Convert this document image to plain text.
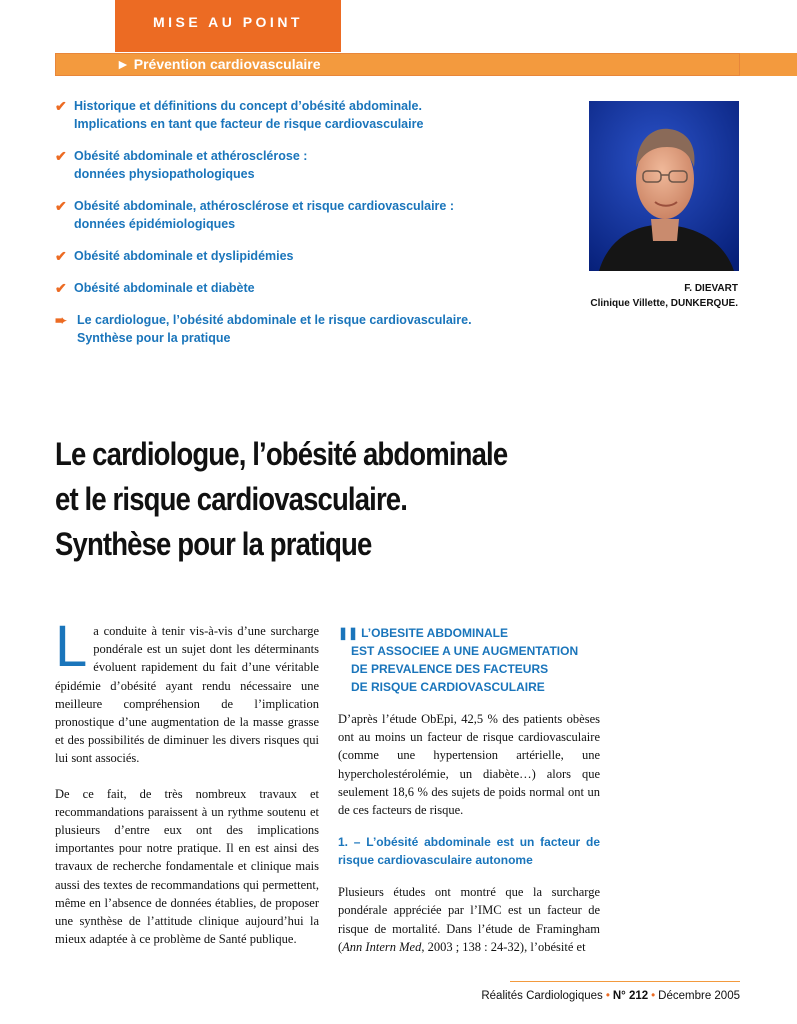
MISE AU POINT
► Prévention cardiovasculaire
✔ Historique et définitions du concept d’obésité abdominale.
Implications en tant que facteur de risque cardiovasculaire
✔ Obésité abdominale et athérosclérose :
données physiopathologiques
✔ Obésité abdominale, athérosclérose et risque cardiovasculaire :
données épidémiologiques
✔ Obésité abdominale et dyslipidémies
✔ Obésité abdominale et diabète
➨ Le cardiologue, l’obésité abdominale et le risque cardiovasculaire.
Synthèse pour la pratique
F. DIEVART
Clinique Villette, DUNKERQUE.
Le cardiologue, l’obésité abdominale
et le risque cardiovasculaire.
Synthèse pour la pratique

La conduite à tenir vis-à-vis d’une surcharge pondérale est un sujet dont les déterminants évoluent rapidement du fait d’une véritable épidémie d’obésité ayant rendu nécessaire une meilleure compréhension de l’implication pronostique d’une augmentation de la masse grasse et des possibilités de diminuer les divers risques qui lui sont associés.

De ce fait, de très nombreux travaux et recommandations paraissent à un rythme soutenu et plusieurs d’entre eux ont des implications importantes pour notre pratique. Il en est ainsi des travaux de recherche fondamentale et clinique mais aussi des textes de recommandations qui permettent, même en l’absence de données établies, de proposer une synthèse de l’attitude clinique aujourd’hui la mieux adaptée à ce problème de Santé publique.

❚❚ L’OBESITE ABDOMINALE
EST ASSOCIEE A UNE AUGMENTATION
DE PREVALENCE DES FACTEURS
DE RISQUE CARDIOVASCULAIRE

D’après l’étude ObEpi, 42,5 % des patients obèses ont au moins un facteur de risque cardiovasculaire (comme une hypertension artérielle, une hypercholestérolémie, un diabète…) alors que seulement 18,6 % des sujets de poids normal ont un de ces facteurs de risque.

1. – L’obésité abdominale est un facteur de risque cardiovasculaire autonome

Plusieurs études ont montré que la surcharge pondérale appréciée par l’IMC est un facteur de risque de mortalité. Dans l’étude de Framingham (Ann Intern Med, 2003 ; 138 : 24-32), l’obésité et

Réalités Cardiologiques • N° 212 • Décembre 2005
